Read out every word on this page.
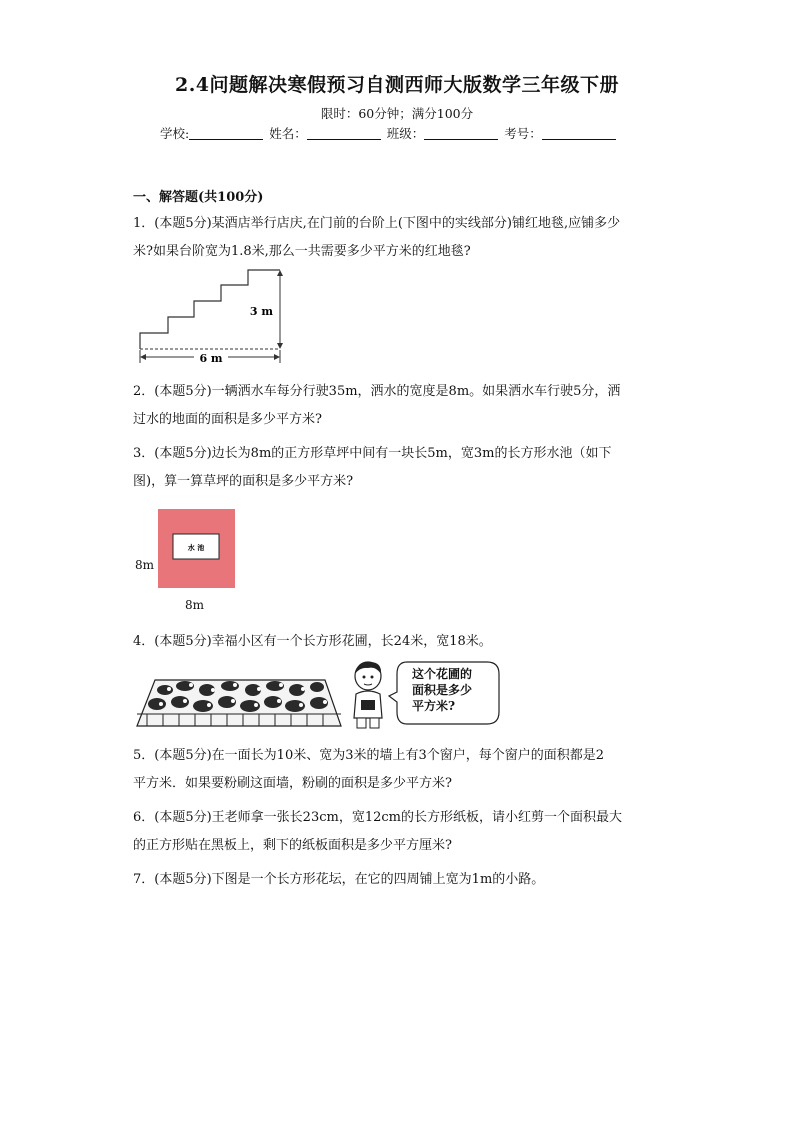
2.4问题解决寒假预习自测西师大版数学三年级下册
限时：60分钟；满分100分
学校:	姓名：	班级：	考号：
一、解答题(共100分)
1．(本题5分)某酒店举行店庆,在门前的台阶上(下图中的实线部分)铺红地毯,应铺多少
米?如果台阶宽为1.8米,那么一共需要多少平方米的红地毯?
6 m
3 m
2．(本题5分)一辆洒水车每分行驶35m，洒水的宽度是8m。如果洒水车行驶5分，洒
过水的地面的面积是多少平方米?
3．(本题5分)边长为8m的正方形草坪中间有一块长5m，宽3m的长方形水池（如下
图)，算一算草坪的面积是多少平方米?
水 池
8m
8m
4．(本题5分)幸福小区有一个长方形花圃，长24米，宽18米。
这个花圃的
面积是多少
平方米?
5．(本题5分)在一面长为10米、宽为3米的墙上有3个窗户，每个窗户的面积都是2
平方米．如果要粉刷这面墙，粉刷的面积是多少平方米?
6．(本题5分)王老师拿一张长23cm，宽12cm的长方形纸板，请小红剪一个面积最大
的正方形贴在黑板上，剩下的纸板面积是多少平方厘米?
7．(本题5分)下图是一个长方形花坛，在它的四周铺上宽为1m的小路。
